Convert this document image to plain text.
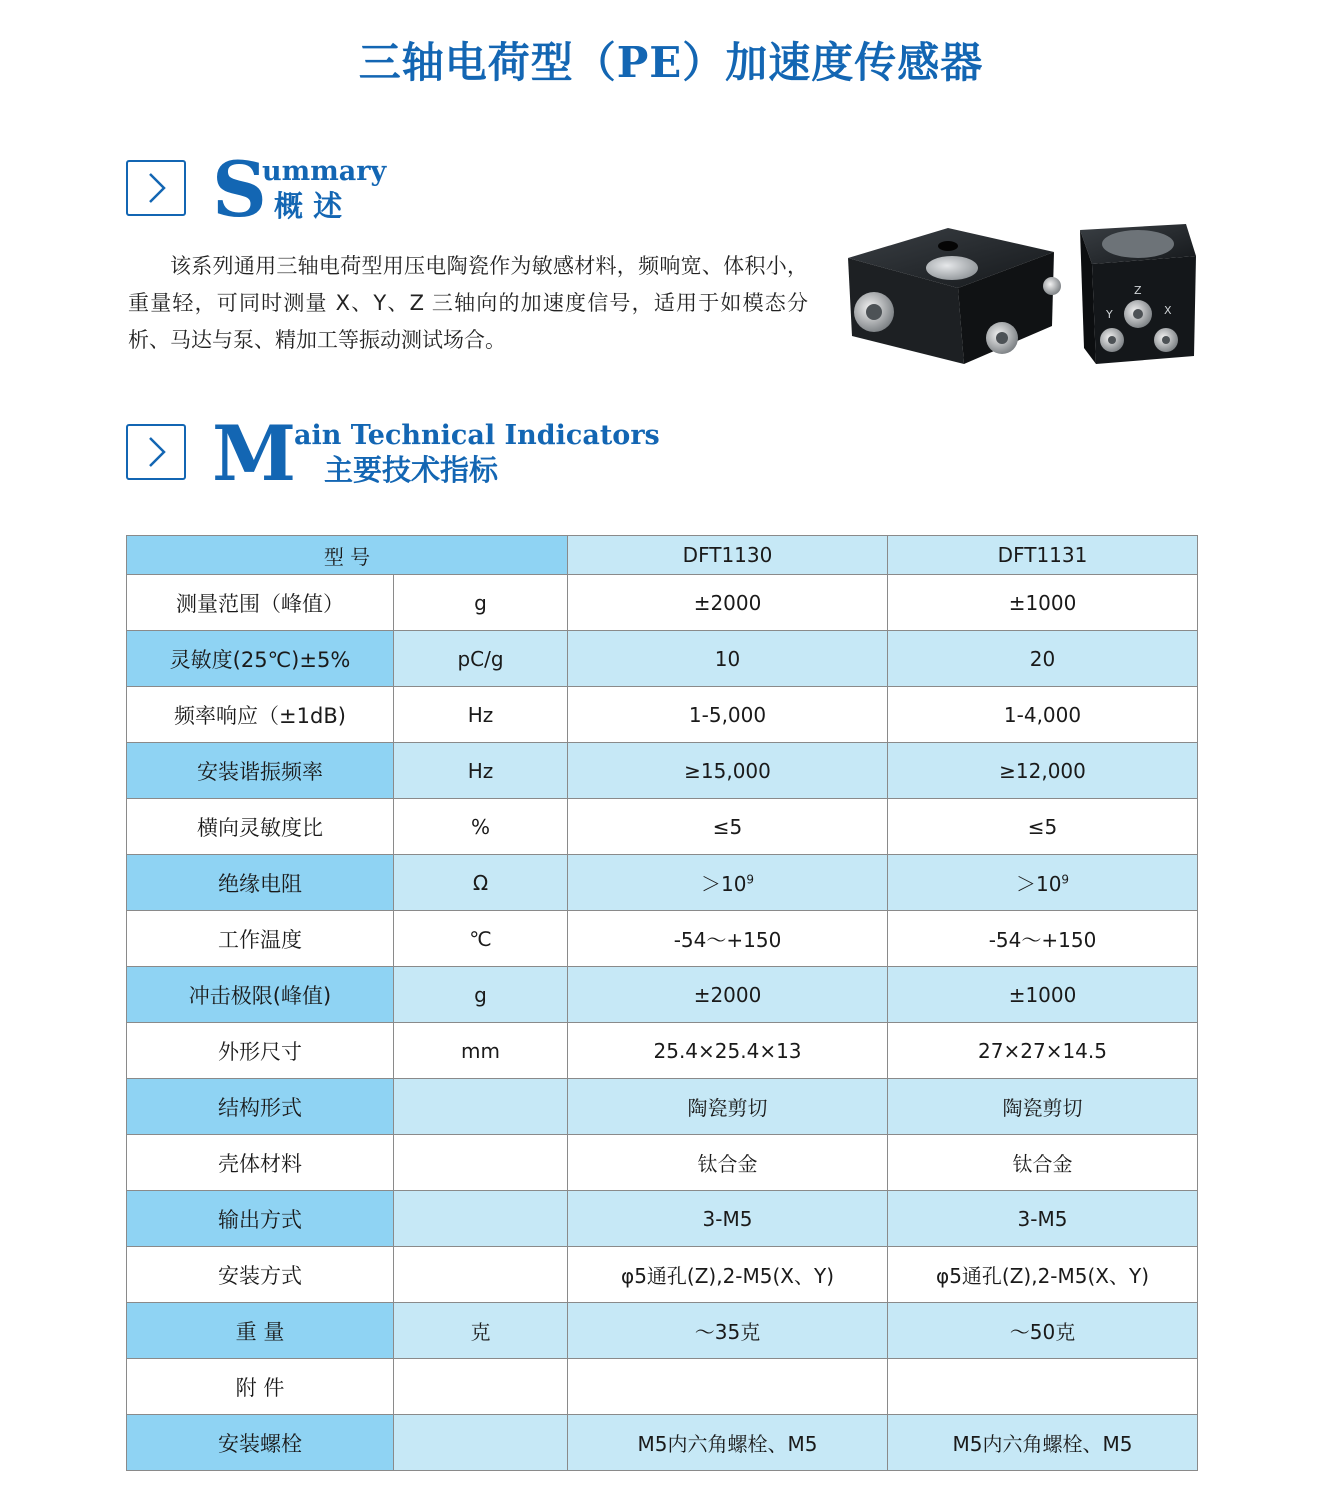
三轴电荷型（PE）加速度传感器
S
ummary
概 述
该系列通用三轴电荷型用压电陶瓷作为敏感材料，频响宽、体积小，重量轻，可同时测量 X、Y、Z 三轴向的加速度信号，适用于如模态分析、马达与泵、精加工等振动测试场合。
Z
X
Y
M
ain Technical Indicators
主要技术指标
型 号		DFT1130	DFT1131
测量范围（峰值）	g	±2000	±1000
灵敏度(25℃)±5%	pC/g	10	20
频率响应（±1dB)	Hz	1-5,000	1-4,000
安装谐振频率	Hz	≥15,000	≥12,000
横向灵敏度比	%	≤5	≤5
绝缘电阻	Ω	$>10^9$	$>10^9$
工作温度	℃	-54～+150	-54～+150
冲击极限(峰值)	g	±2000	±1000
外形尺寸	mm	25.4×25.4×13	27×27×14.5
结构形式		陶瓷剪切	陶瓷剪切
壳体材料		钛合金	钛合金
输出方式		3-M5	3-M5
安装方式		φ5通孔(Z),2-M5(X、Y)	φ5通孔(Z),2-M5(X、Y)
重 量	克	～35克	～50克
附 件			
安装螺栓		M5内六角螺栓、M5	M5内六角螺栓、M5
